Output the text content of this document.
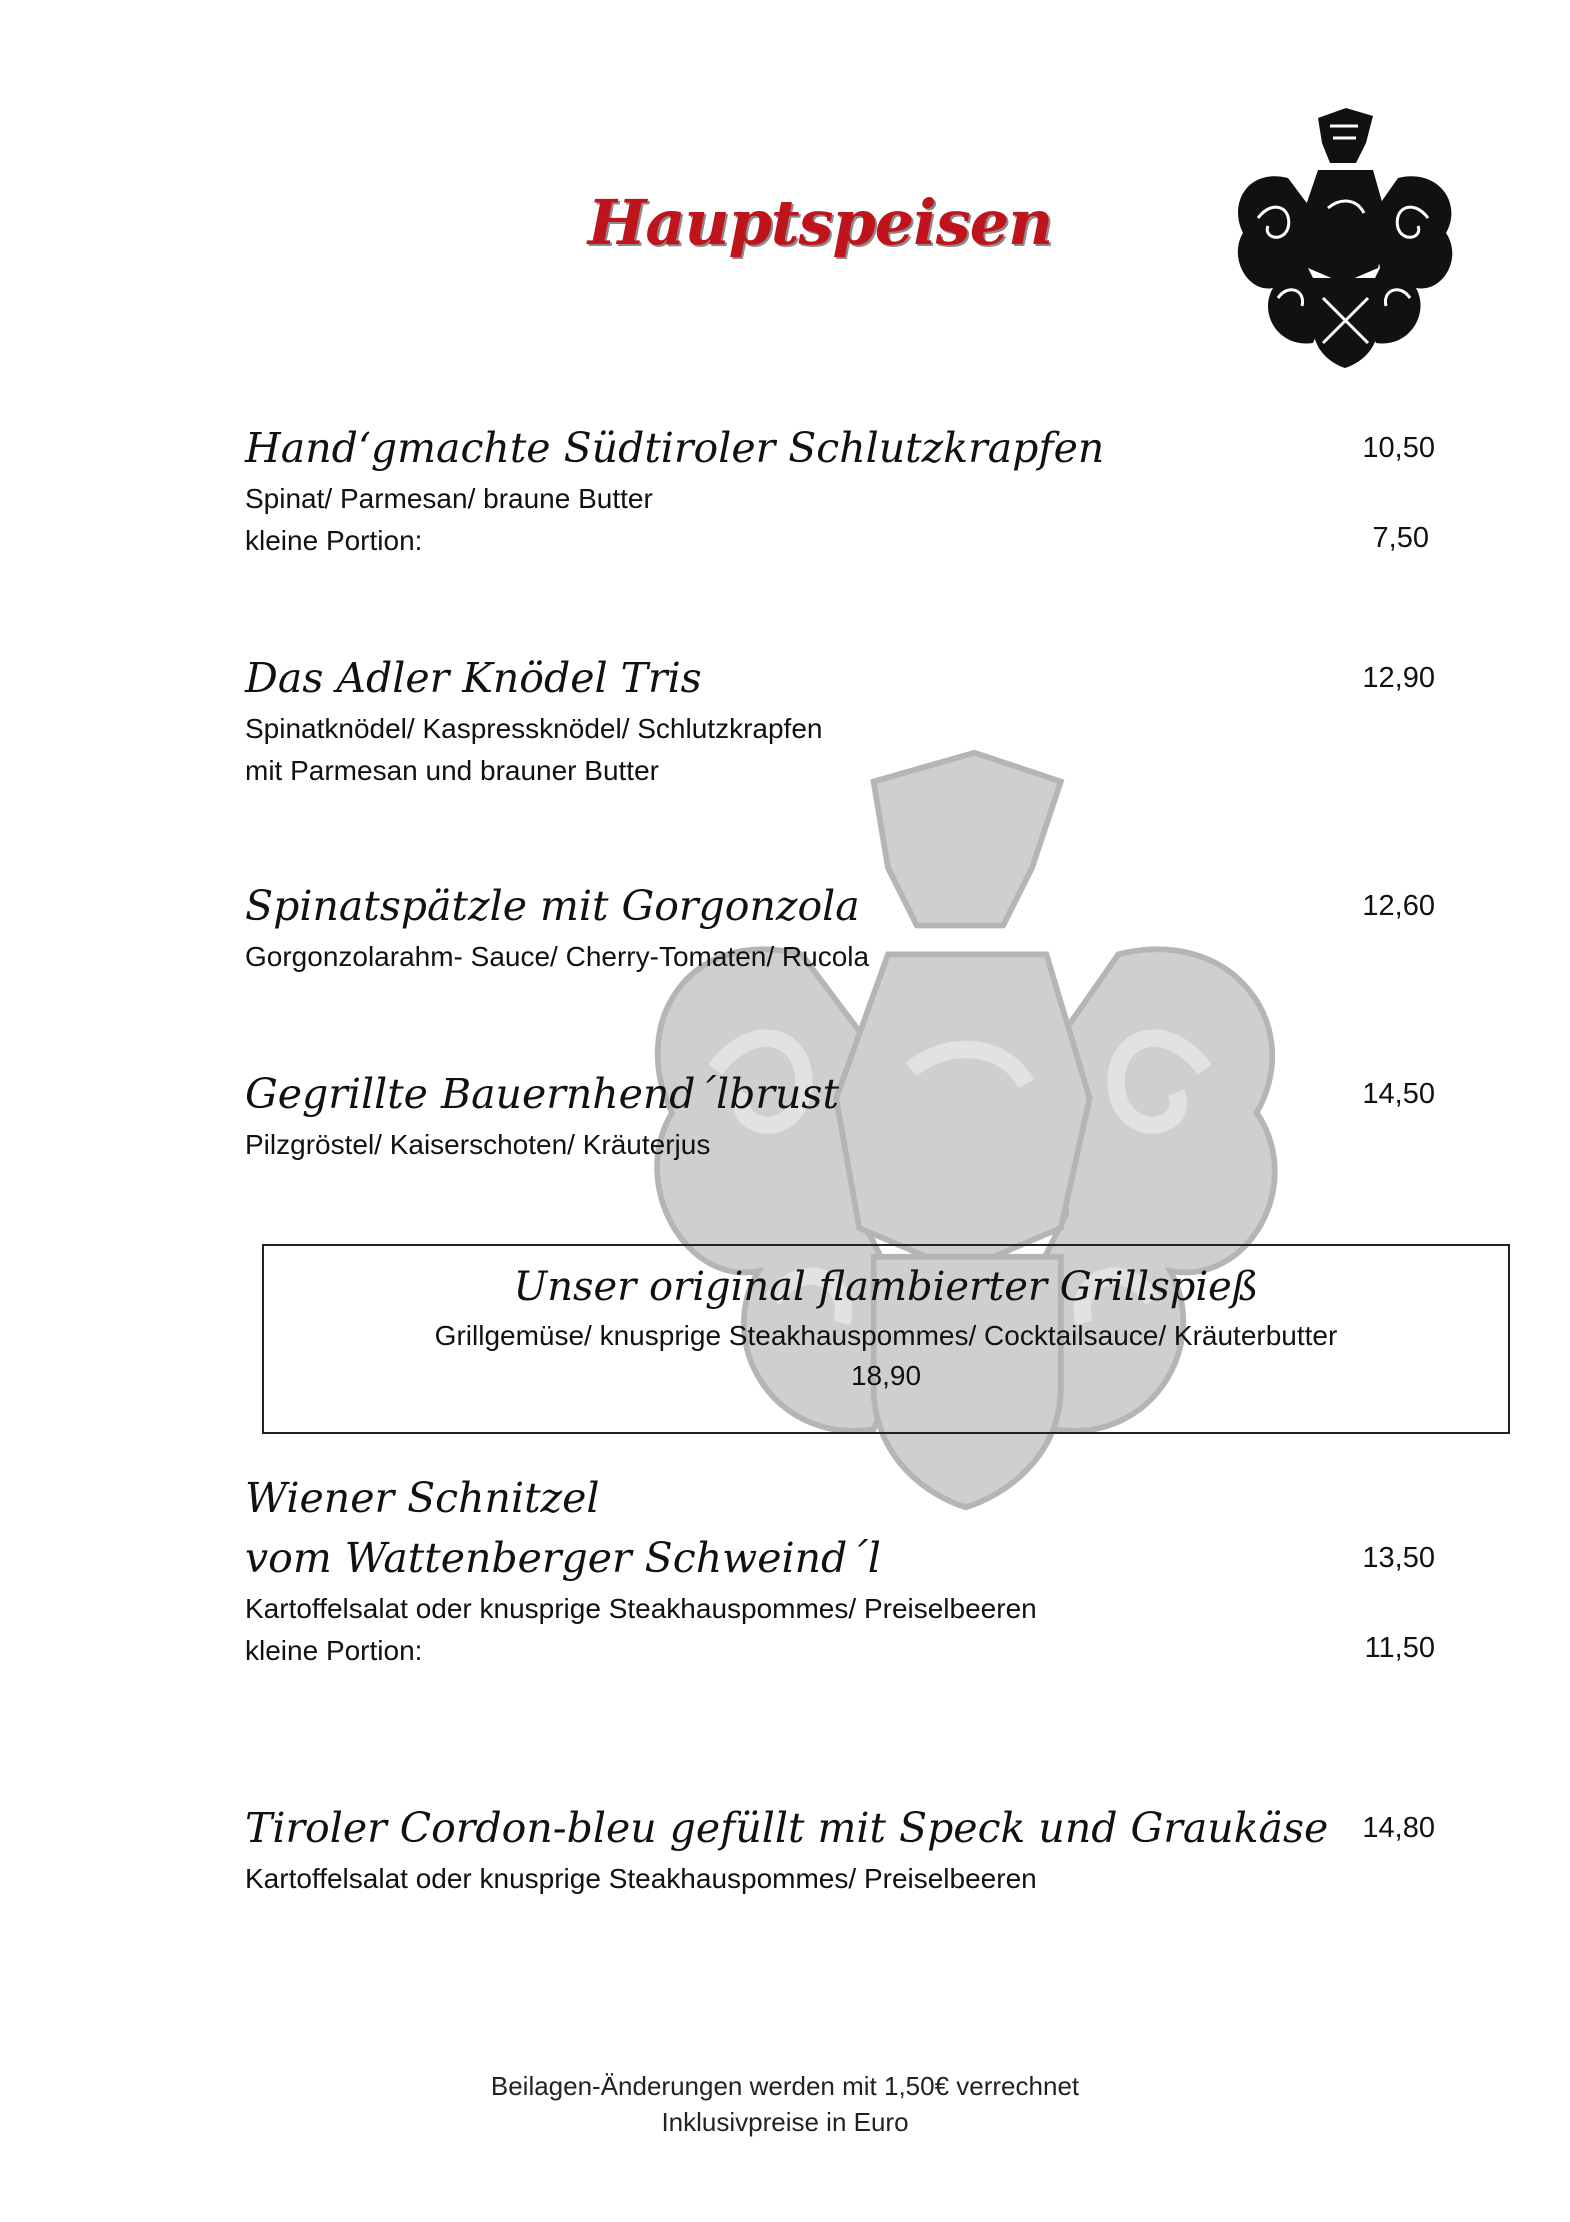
Hauptspeisen
Hand‘gmachte Südtiroler Schlutzkrapfen	10,50
Spinat/ Parmesan/ braune Butter
kleine Portion:	7,50
Das Adler Knödel Tris	12,90
Spinatknödel/ Kaspressknödel/ Schlutzkrapfen
mit Parmesan und brauner Butter
Spinatspätzle mit Gorgonzola	12,60
Gorgonzolarahm- Sauce/ Cherry-Tomaten/ Rucola
Gegrillte Bauernhend´lbrust	14,50
Pilzgröstel/ Kaiserschoten/ Kräuterjus
Unser original flambierter Grillspieß
Grillgemüse/ knusprige Steakhauspommes/ Cocktailsauce/ Kräuterbutter
18,90
Wiener Schnitzel
vom Wattenberger Schweind´l	13,50
Kartoffelsalat oder knusprige Steakhauspommes/ Preiselbeeren
kleine Portion:	11,50
Tiroler Cordon-bleu gefüllt mit Speck und Graukäse	14,80
Kartoffelsalat oder knusprige Steakhauspommes/ Preiselbeeren
Beilagen-Änderungen werden mit 1,50€ verrechnet
Inklusivpreise in Euro
